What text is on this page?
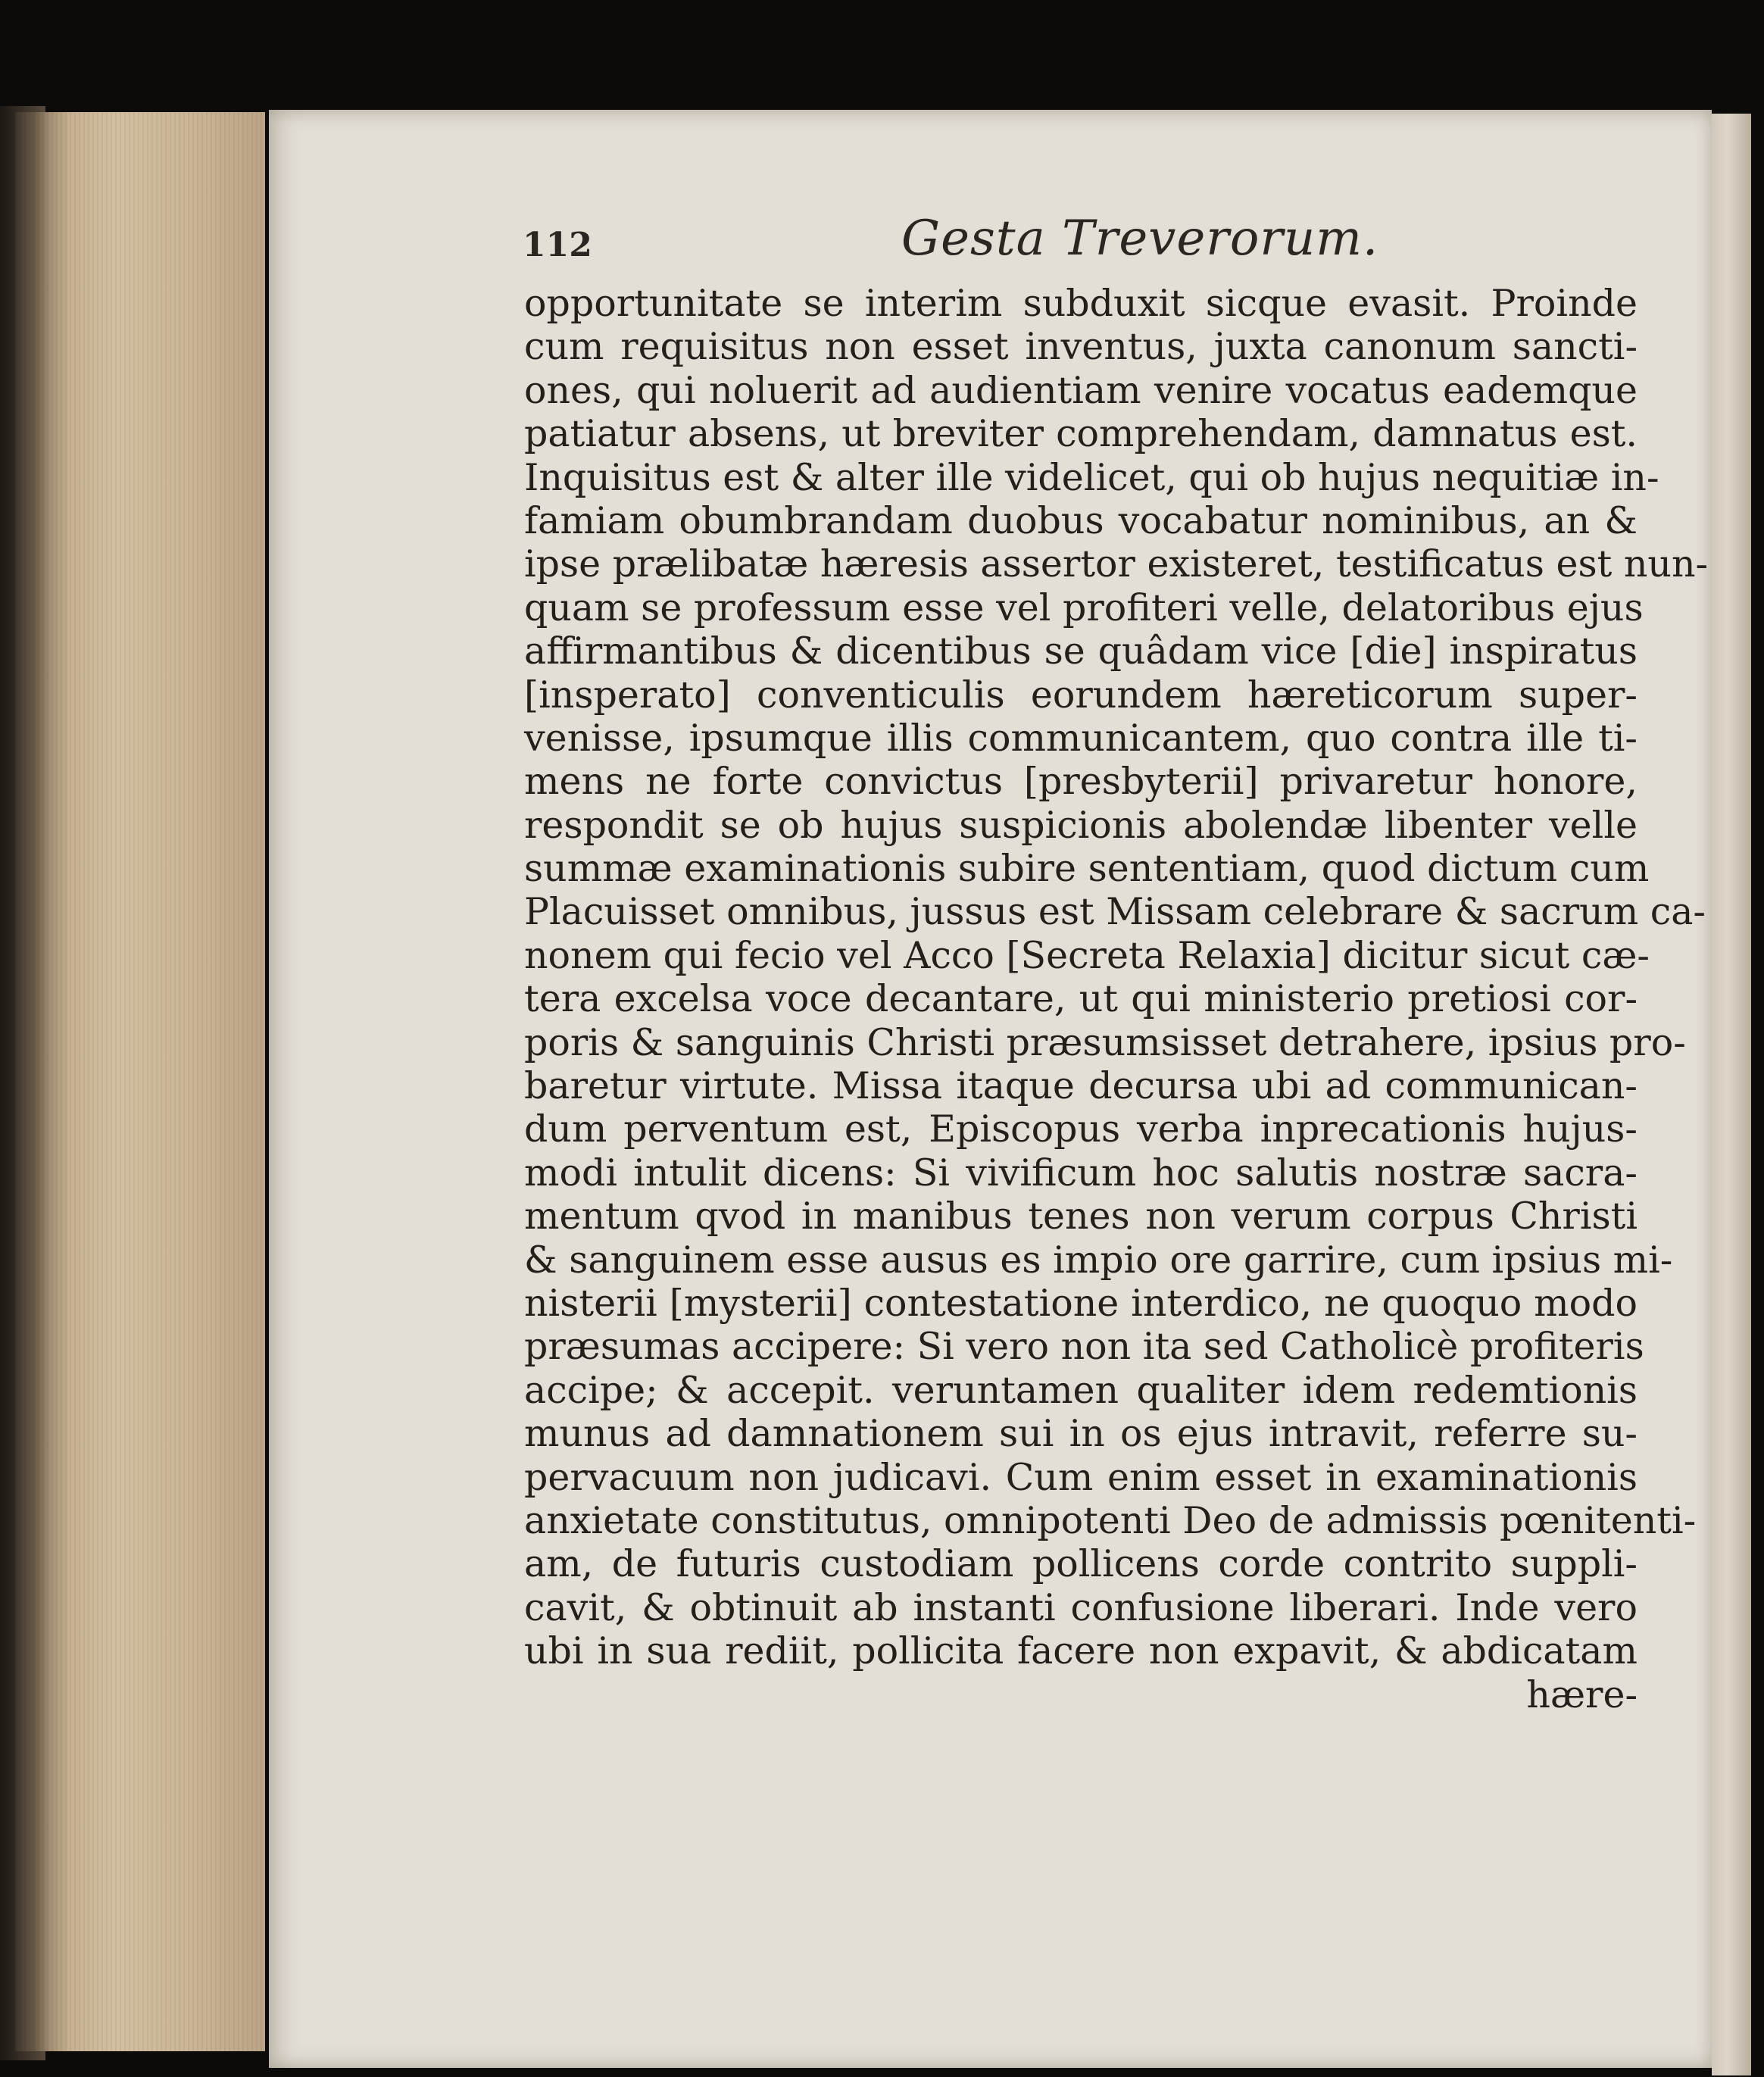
112	Gesta Treverorum.
opportunitate se interim subduxit sicque evasit. Proinde
cum requisitus non esset inventus, juxta canonum sancti-
ones, qui noluerit ad audientiam venire vocatus eademque
patiatur absens, ut breviter comprehendam, damnatus est.
Inquisitus est & alter ille videlicet, qui ob hujus nequitiæ in-
famiam obumbrandam duobus vocabatur nominibus, an &
ipse prælibatæ hæresis assertor existeret, testificatus est nun-
quam se professum esse vel profiteri velle, delatoribus ejus
affirmantibus & dicentibus se quâdam vice [die] inspiratus
[insperato] conventiculis eorundem hæreticorum super-
venisse, ipsumque illis communicantem, quo contra ille ti-
mens ne forte convictus [presbyterii] privaretur honore,
respondit se ob hujus suspicionis abolendæ libenter velle
summæ examinationis subire sententiam, quod dictum cum
Placuisset omnibus, jussus est Missam celebrare & sacrum ca-
nonem qui fecio vel Acco [Secreta Relaxia] dicitur sicut cæ-
tera excelsa voce decantare, ut qui ministerio pretiosi cor-
poris & sanguinis Christi præsumsisset detrahere, ipsius pro-
baretur virtute. Missa itaque decursa ubi ad communican-
dum perventum est, Episcopus verba inprecationis hujus-
modi intulit dicens: Si vivificum hoc salutis nostræ sacra-
mentum qvod in manibus tenes non verum corpus Christi
& sanguinem esse ausus es impio ore garrire, cum ipsius mi-
nisterii [mysterii] contestatione interdico, ne quoquo modo
præsumas accipere: Si vero non ita sed Catholicè profiteris
accipe; & accepit. veruntamen qualiter idem redemtionis
munus ad damnationem sui in os ejus intravit, referre su-
pervacuum non judicavi. Cum enim esset in examinationis
anxietate constitutus, omnipotenti Deo de admissis pœnitenti-
am, de futuris custodiam pollicens corde contrito suppli-
cavit, & obtinuit ab instanti confusione liberari. Inde vero
ubi in sua rediit, pollicita facere non expavit, & abdicatam
hære-
